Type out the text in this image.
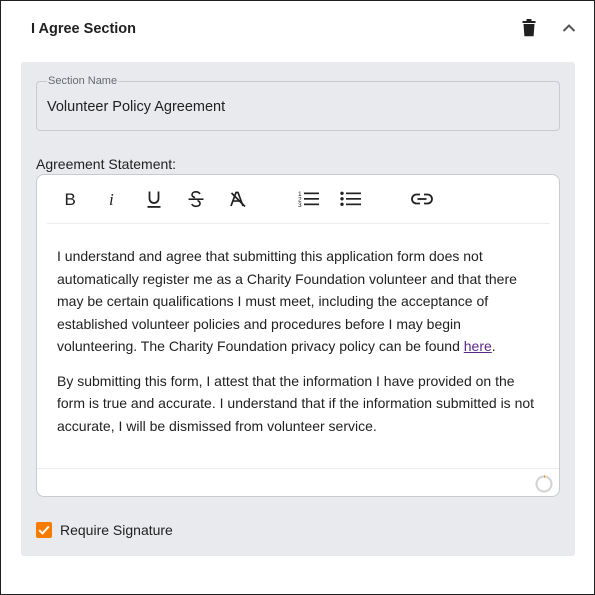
I Agree Section
Section Name
Volunteer Policy Agreement
Agreement Statement:
B i	1
2
3

I understand and agree that submitting this application form does not automatically register me as a Charity Foundation volunteer and that there may be certain qualifications I must meet, including the acceptance of established volunteer policies and procedures before I may begin volunteering. The Charity Foundation privacy policy can be found here.

By submitting this form, I attest that the information I have provided on the form is true and accurate. I understand that if the information submitted is not accurate, I will be dismissed from volunteer service.

Require Signature
